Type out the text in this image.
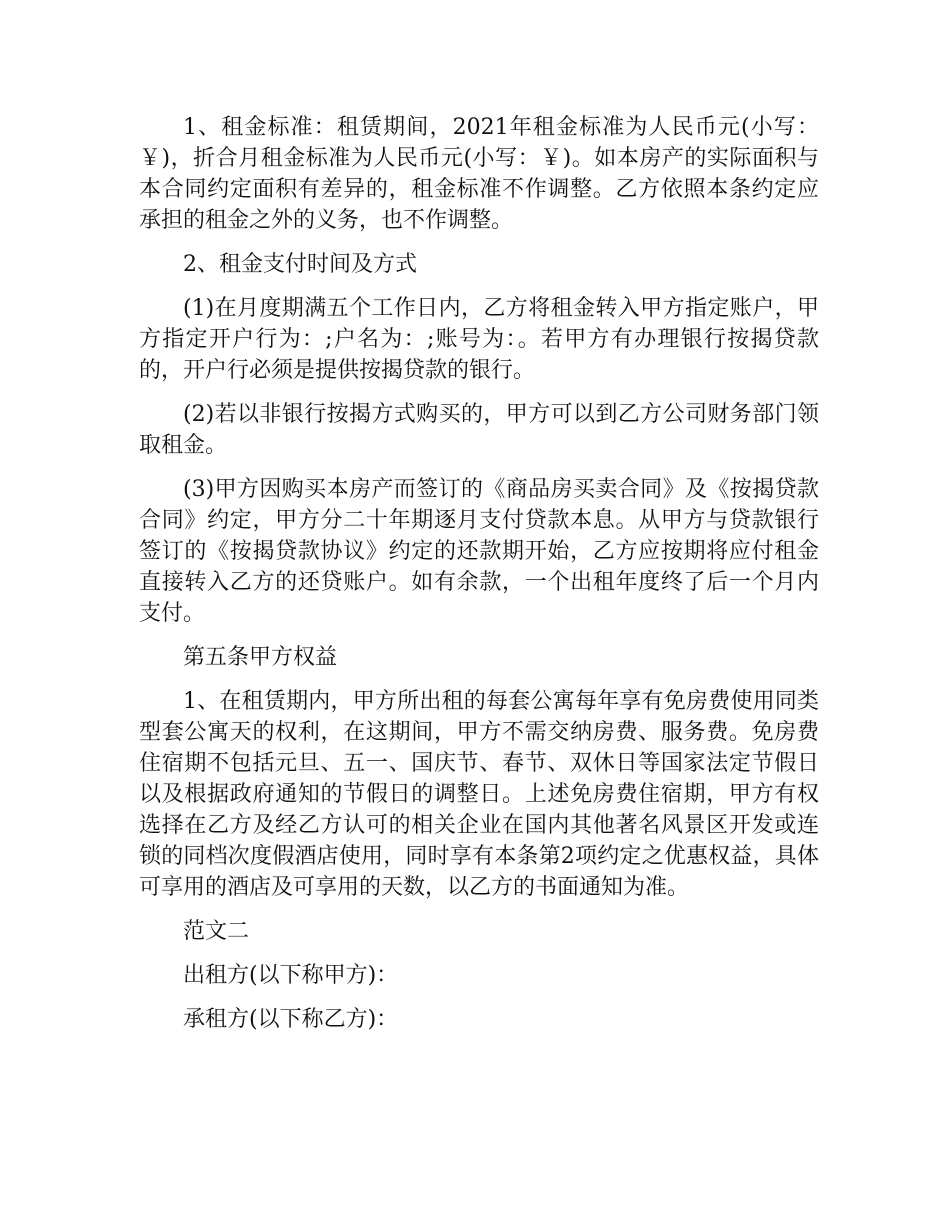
1、租金标准：租赁期间，2021年租金标准为人民币元(小写：￥)，折合月租金标准为人民币元(小写：￥)。如本房产的实际面积与本合同约定面积有差异的，租金标准不作调整。乙方依照本条约定应承担的租金之外的义务，也不作调整。

2、租金支付时间及方式

(1)在月度期满五个工作日内，乙方将租金转入甲方指定账户，甲方指定开户行为：;户名为：;账号为：。若甲方有办理银行按揭贷款的，开户行必须是提供按揭贷款的银行。

(2)若以非银行按揭方式购买的，甲方可以到乙方公司财务部门领取租金。

(3)甲方因购买本房产而签订的《商品房买卖合同》及《按揭贷款合同》约定，甲方分二十年期逐月支付贷款本息。从甲方与贷款银行签订的《按揭贷款协议》约定的还款期开始，乙方应按期将应付租金直接转入乙方的还贷账户。如有余款，一个出租年度终了后一个月内支付。

第五条甲方权益

1、在租赁期内，甲方所出租的每套公寓每年享有免房费使用同类型套公寓天的权利，在这期间，甲方不需交纳房费、服务费。免房费住宿期不包括元旦、五一、国庆节、春节、双休日等国家法定节假日以及根据政府通知的节假日的调整日。上述免房费住宿期，甲方有权选择在乙方及经乙方认可的相关企业在国内其他著名风景区开发或连锁的同档次度假酒店使用，同时享有本条第2项约定之优惠权益，具体可享用的酒店及可享用的天数，以乙方的书面通知为准。

范文二

出租方(以下称甲方)：

承租方(以下称乙方)：
